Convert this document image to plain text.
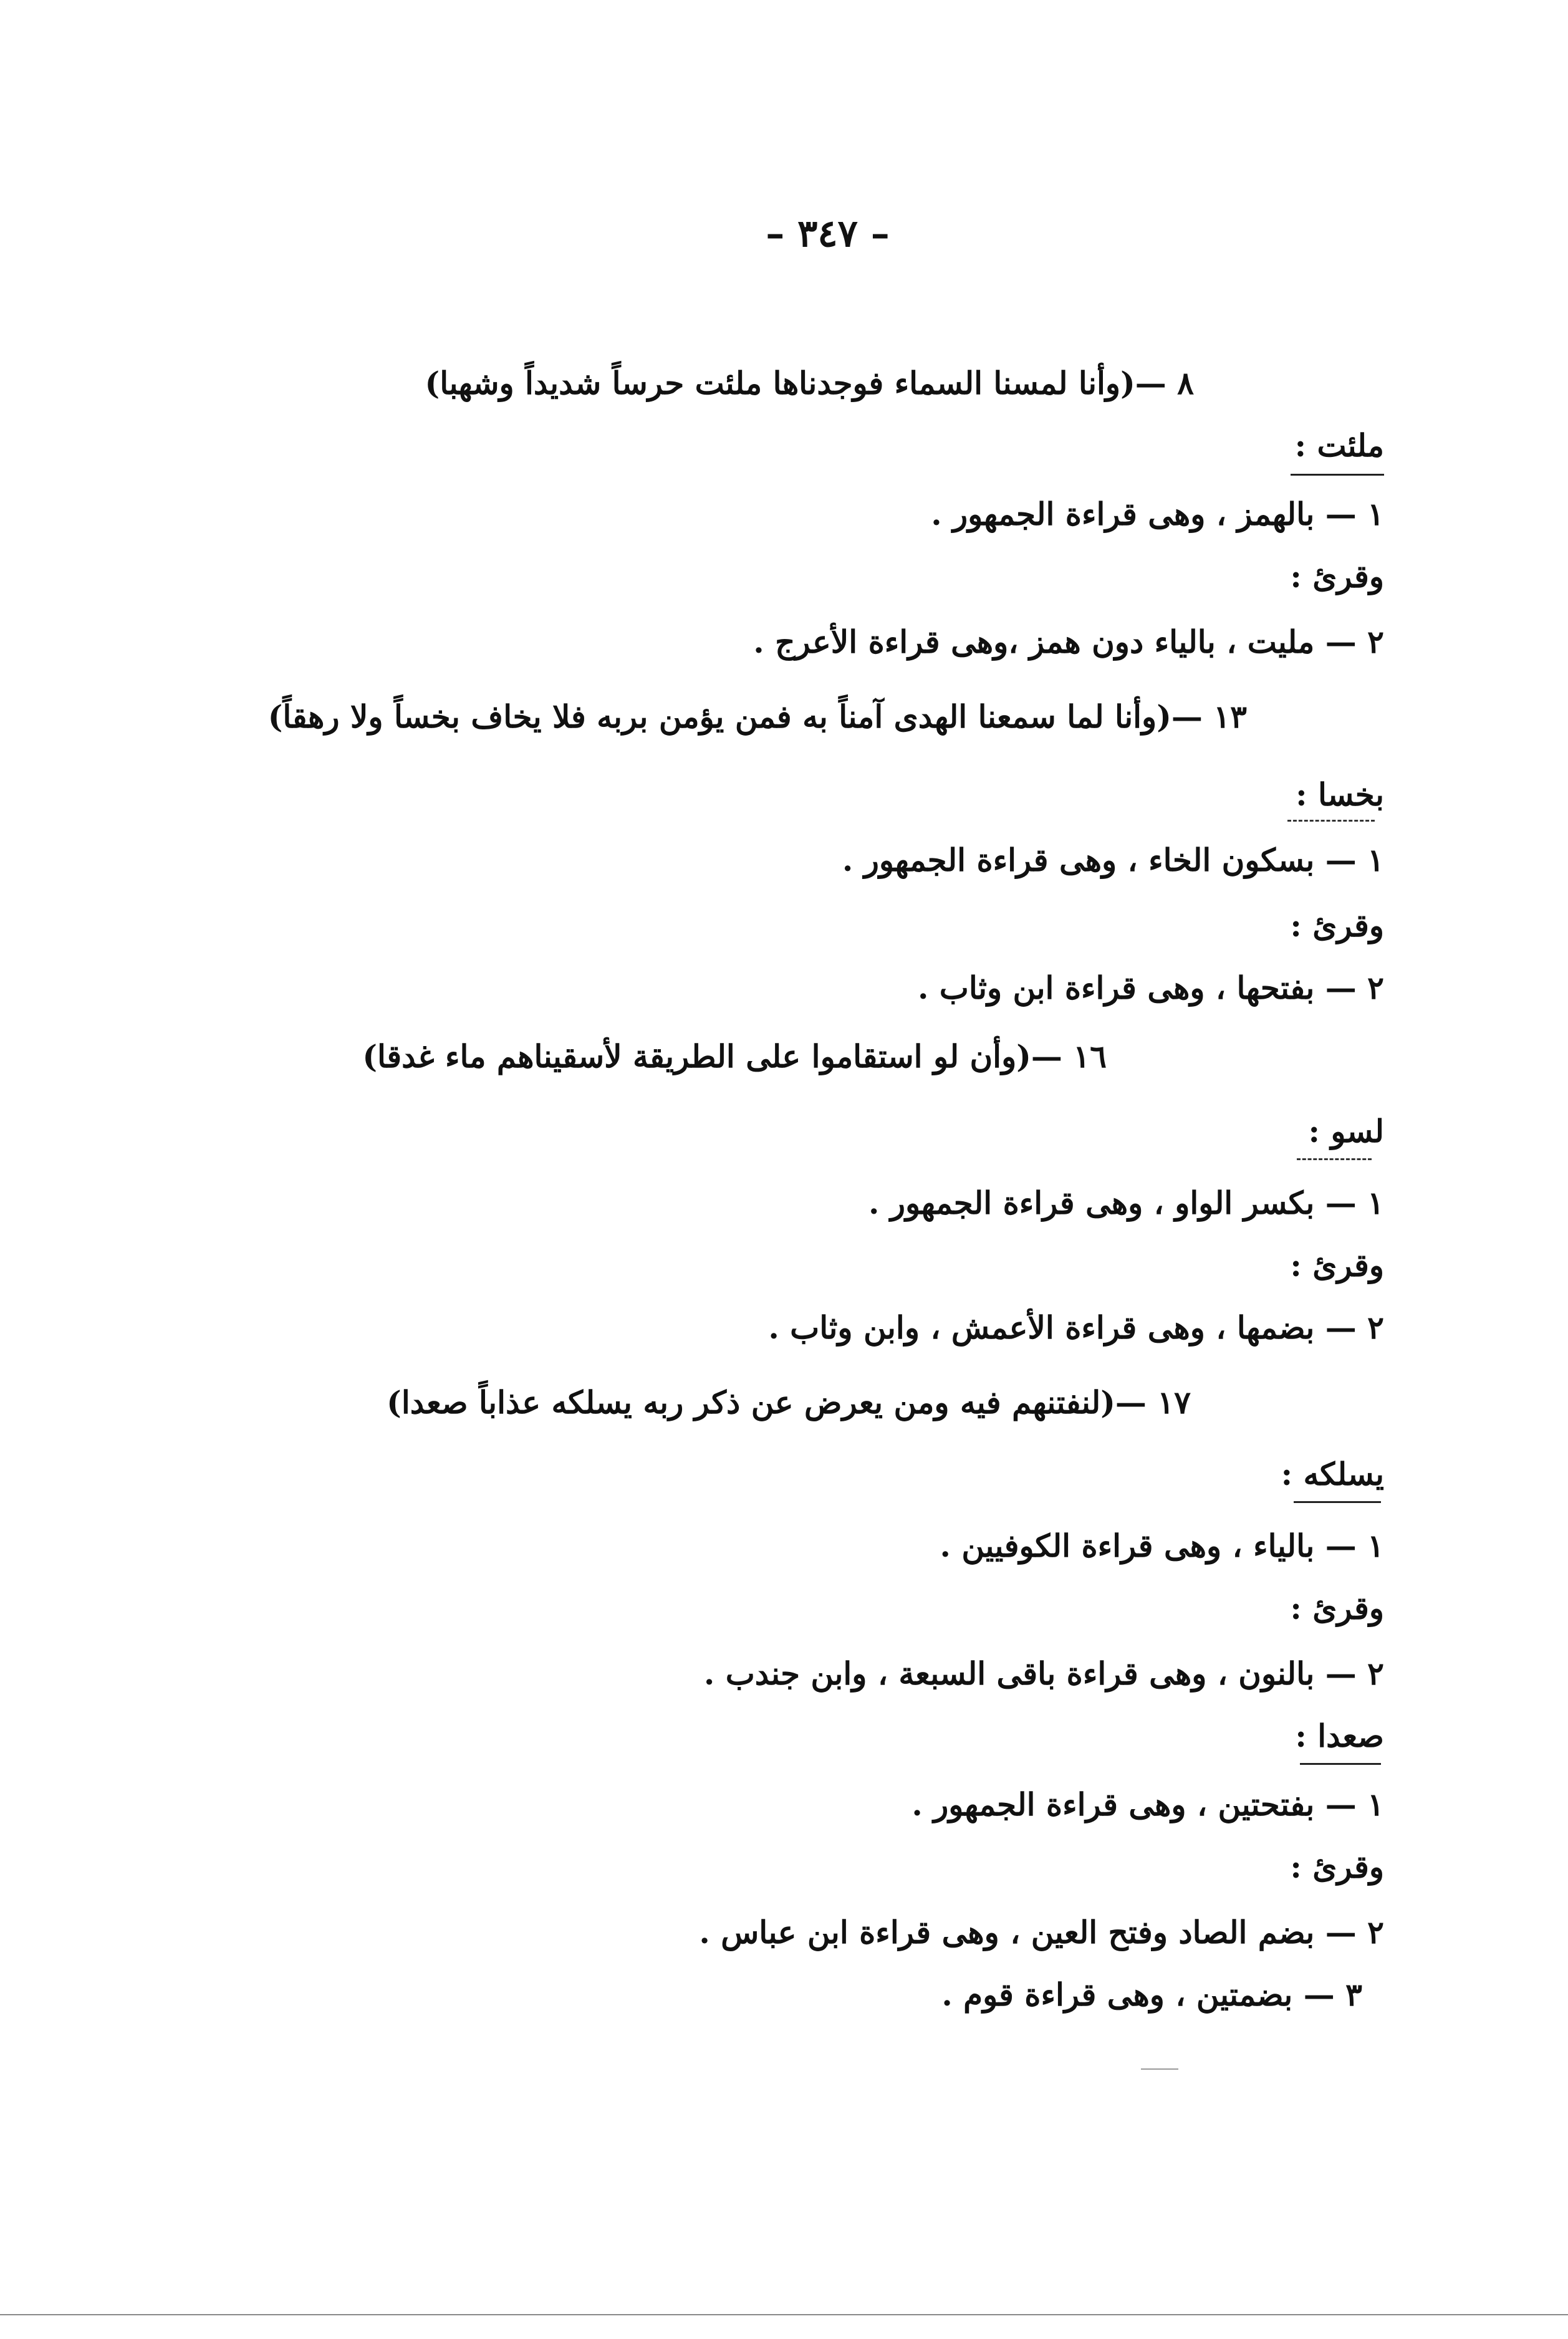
– ٣٤٧ –
٨ —(وأنا لمسنا السماء فوجدناها ملئت حرساً شديداً وشهبا)
ملئت :
١ — بالهمز ، وهى قراءة الجمهور .
وقرئ :
٢ — مليت ، بالياء دون همز ،وهى قراءة الأعرج .
١٣ —(وأنا لما سمعنا الهدى آمناً به فمن يؤمن بربه فلا يخاف بخساً ولا رهقاً)
بخسا :
١ — بسكون الخاء ، وهى قراءة الجمهور .
وقرئ :
٢ — بفتحها ، وهى قراءة ابن وثاب .
١٦ —(وأن لو استقاموا على الطريقة لأسقيناهم ماء غدقا)
لسو :
١ — بكسر الواو ، وهى قراءة الجمهور .
وقرئ :
٢ — بضمها ، وهى قراءة الأعمش ، وابن وثاب .
١٧ —(لنفتنهم فيه ومن يعرض عن ذكر ربه يسلكه عذاباً صعدا)
يسلكه :
١ — بالياء ، وهى قراءة الكوفيين .
وقرئ :
٢ — بالنون ، وهى قراءة باقى السبعة ، وابن جندب .
صعدا :
١ — بفتحتين ، وهى قراءة الجمهور .
وقرئ :
٢ — بضم الصاد وفتح العين ، وهى قراءة ابن عباس .
٣ — بضمتين ، وهى قراءة قوم .
